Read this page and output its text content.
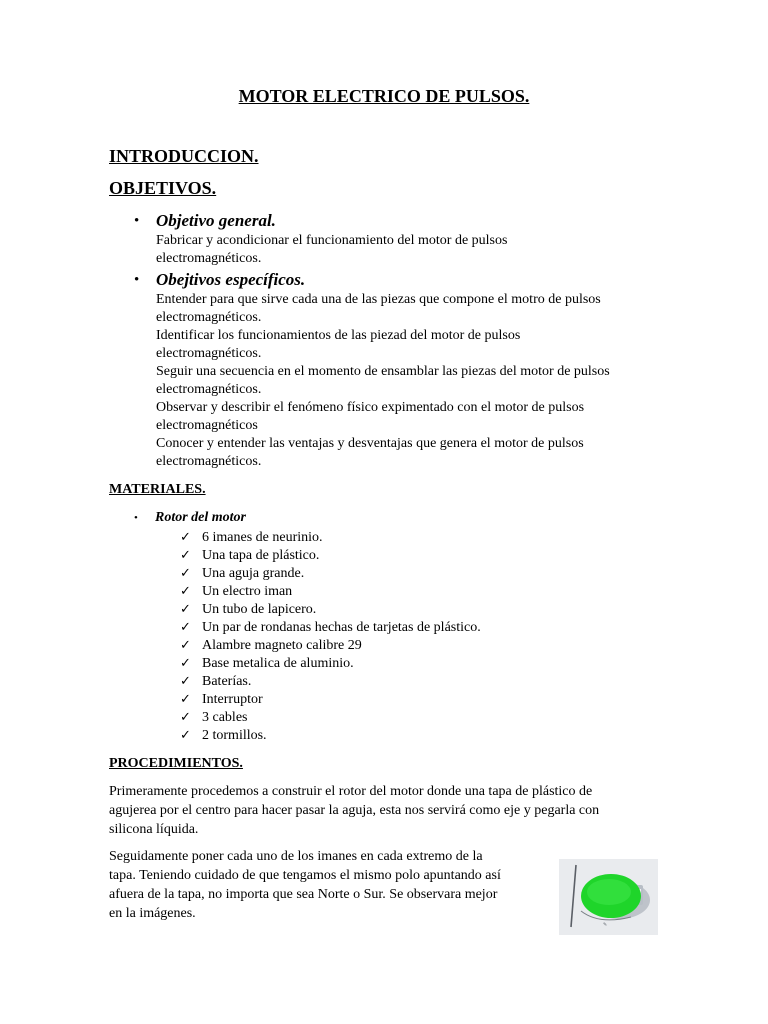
MOTOR ELECTRICO DE PULSOS.
INTRODUCCION.
OBJETIVOS.
• Objetivo general.
Fabricar y acondicionar el funcionamiento del motor de pulsos
electromagnéticos.
• Obejtivos específicos.
Entender para que sirve cada una de las piezas que compone el motro de pulsos
electromagnéticos.
Identificar los funcionamientos de las piezad del motor de pulsos
electromagnéticos.
Seguir una secuencia en el momento de ensamblar las piezas del motor de pulsos
electromagnéticos.
Observar y describir el fenómeno físico expimentado con el motor de pulsos
electromagnéticos
Conocer y entender las ventajas y desventajas que genera el motor de pulsos
electromagnéticos.
MATERIALES.
• Rotor del motor
✓ 6 imanes de neurinio.
✓ Una tapa de plástico.
✓ Una aguja grande.
✓ Un electro iman
✓ Un tubo de lapicero.
✓ Un par de rondanas hechas de tarjetas de plástico.
✓ Alambre magneto calibre 29
✓ Base metalica de aluminio.
✓ Baterías.
✓ Interruptor
✓ 3 cables
✓ 2 tormillos.
PROCEDIMIENTOS.
Primeramente procedemos a construir el rotor del motor donde una tapa de plástico de
agujerea por el centro para hacer pasar la aguja, esta nos servirá como eje y pegarla con
silicona líquida.
Seguidamente poner cada uno de los imanes en cada extremo de la
tapa. Teniendo cuidado de que tengamos el mismo polo apuntando así
afuera de la tapa, no importa que sea Norte o Sur. Se observara mejor
en la imágenes.
✎
